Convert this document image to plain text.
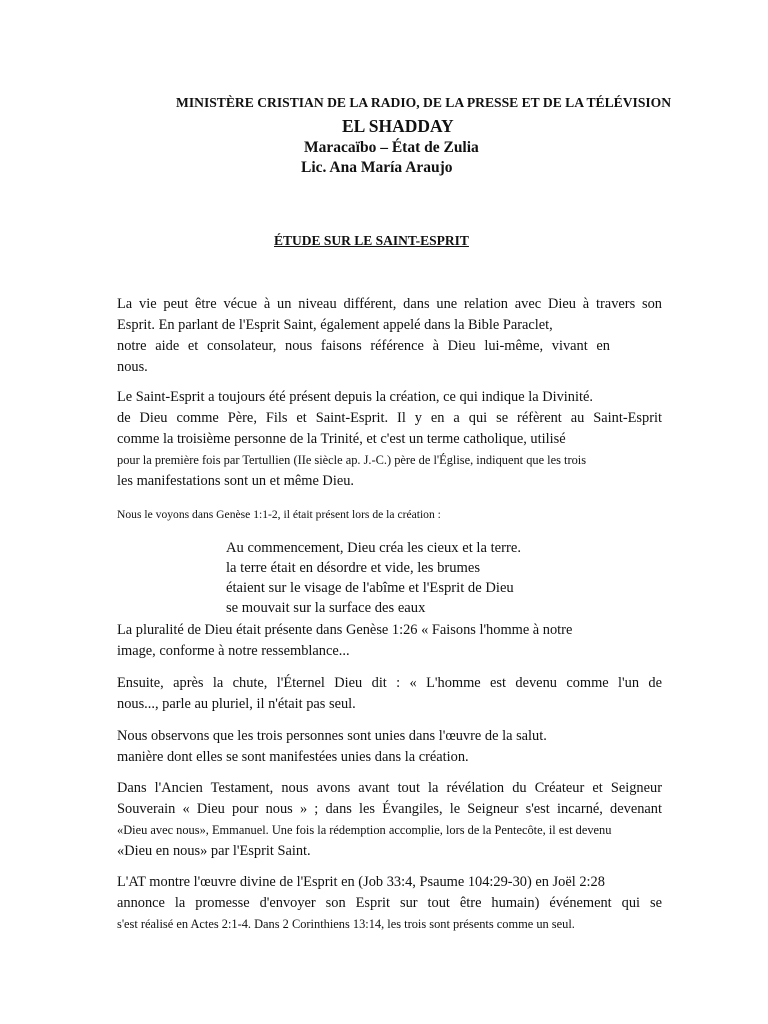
MINISTÈRE CRISTIAN DE LA RADIO, DE LA PRESSE ET DE LA TÉLÉVISION
EL SHADDAY
Maracaïbo – État de Zulia
Lic. Ana María Araujo
ÉTUDE SUR LE SAINT-ESPRIT
La vie peut être vécue à un niveau différent, dans une relation avec Dieu à travers son
Esprit. En parlant de l'Esprit Saint, également appelé dans la Bible Paraclet,
notre aide et consolateur, nous faisons référence à Dieu lui-même, vivant en
nous.
Le Saint-Esprit a toujours été présent depuis la création, ce qui indique la Divinité.
de Dieu comme Père, Fils et Saint-Esprit. Il y en a qui se réfèrent au Saint-Esprit
comme la troisième personne de la Trinité, et c'est un terme catholique, utilisé
pour la première fois par Tertullien (IIe siècle ap. J.-C.) père de l'Église, indiquent que les trois
les manifestations sont un et même Dieu.
Nous le voyons dans Genèse 1:1-2, il était présent lors de la création :
Au commencement, Dieu créa les cieux et la terre.
la terre était en désordre et vide, les brumes
étaient sur le visage de l'abîme et l'Esprit de Dieu
se mouvait sur la surface des eaux
La pluralité de Dieu était présente dans Genèse 1:26 « Faisons l'homme à notre
image, conforme à notre ressemblance...
Ensuite, après la chute, l'Éternel Dieu dit : « L'homme est devenu comme l'un de
nous..., parle au pluriel, il n'était pas seul.
Nous observons que les trois personnes sont unies dans l'œuvre de la salut.
manière dont elles se sont manifestées unies dans la création.
Dans l'Ancien Testament, nous avons avant tout la révélation du Créateur et Seigneur
Souverain « Dieu pour nous » ; dans les Évangiles, le Seigneur s'est incarné, devenant
«Dieu avec nous», Emmanuel. Une fois la rédemption accomplie, lors de la Pentecôte, il est devenu
«Dieu en nous» par l'Esprit Saint.
L'AT montre l'œuvre divine de l'Esprit en (Job 33:4, Psaume 104:29-30) en Joël 2:28
annonce la promesse d'envoyer son Esprit sur tout être humain) événement qui se
s'est réalisé en Actes 2:1-4. Dans 2 Corinthiens 13:14, les trois sont présents comme un seul.
